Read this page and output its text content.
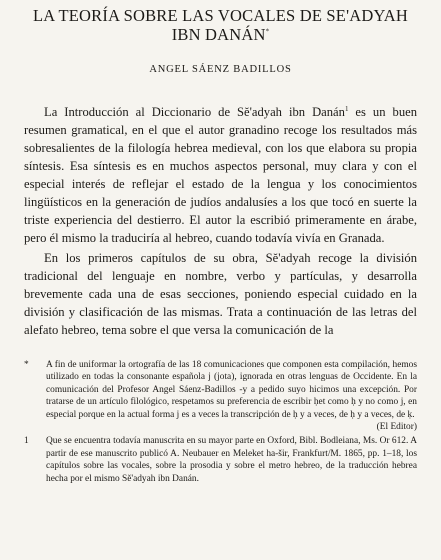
LA TEORÍA SOBRE LAS VOCALES DE SE'ADYAH IBN DANÁN*
ANGEL SÁENZ BADILLOS

La Introducción al Diccionario de Sĕ'adyah ibn Danán$^1$ es un buen resumen gramatical, en el que el autor granadino recoge los resultados más sobresalientes de la filología hebrea medieval, con los que elabora su propia síntesis. Esa síntesis es en muchos aspectos personal, muy clara y con el especial interés de reflejar el estado de la lengua y los conocimientos lingüísticos en la generación de judíos andalusíes a los que tocó en suerte la triste experiencia del destierro. El autor la escribió primeramente en árabe, pero él mismo la traduciría al hebreo, cuando todavía vivía en Granada.

En los primeros capítulos de su obra, Sĕ'adyah recoge la división tradicional del lenguaje en nombre, verbo y partículas, y desarrolla brevemente cada una de esas secciones, poniendo especial cuidado en la división y clasificación de las mismas. Trata a continuación de las letras del alefato hebreo, tema sobre el que versa la comunicación de la

*	A fin de uniformar la ortografía de las 18 comunicaciones que componen esta compilación, hemos utilizado en todas la consonante española j (jota), ignorada en otras lenguas de Occidente. En la comunicación del Profesor Angel Sáenz-Badillos -y a pedido suyo hicimos una excepción. Por tratarse de un artículo filológico, respetamos su preferencia de escribir ḥet como ḥ y no como j, en especial porque en la actual forma j es a veces la transcripción de ḥ y a veces, de ḥ y a veces, de ḳ.
(El Editor)
1	Que se encuentra todavía manuscrita en su mayor parte en Oxford, Bibl. Bodleiana, Ms. Or 612. A partir de ese manuscrito publicó A. Neubauer en Meleket ha-šir, Frankfurt/M. 1865, pp. 1–18, los capítulos sobre las vocales, sobre la prosodia y sobre el metro hebreo, de la traducción hebrea hecha por el mismo Sĕ'adyah ibn Danán.
